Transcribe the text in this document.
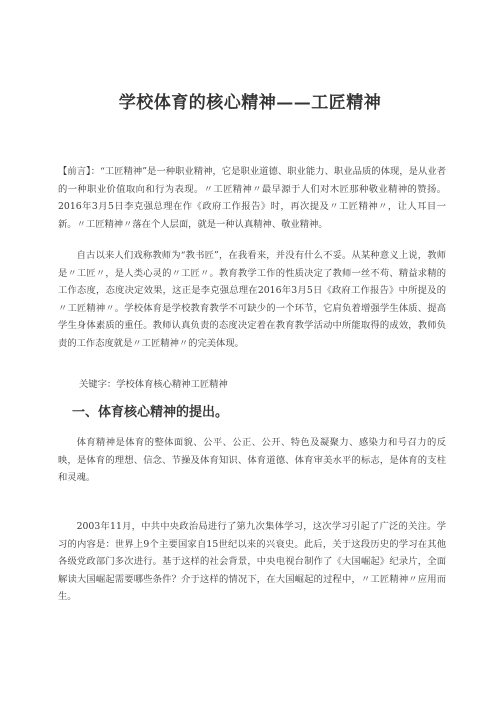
学校体育的核心精神——工匠精神

【前言】：“工匠精神”是一种职业精神，它是职业道德、职业能力、职业品质的体现，是从业者的一种职业价值取向和行为表现。〃工匠精神〃最早源于人们对木匠那种敬业精神的赞扬。2016年3月5日李克强总理在作《政府工作报告》时，再次提及〃工匠精神〃，让人耳目一新。〃工匠精神〃落在个人层面，就是一种认真精神、敬业精神。

自古以来人们戏称教师为“教书匠”，在我看来，并没有什么不妥。从某种意义上说，教师是〃工匠〃，是人类心灵的〃工匠〃。教育教学工作的性质决定了教师一丝不苟、精益求精的工作态度，态度决定效果，这正是李克强总理在2016年3月5日《政府工作报告》中所提及的〃工匠精神〃。学校体育是学校教育教学不可缺少的一个环节，它肩负着增强学生体质、提高学生身体素质的重任。教师认真负责的态度决定着在教育教学活动中所能取得的成效，教师负责的工作态度就是〃工匠精神〃的完美体现。

关键字：学校体育核心精神工匠精神

一、体育核心精神的提出。

体育精神是体育的整体面貌、公平、公正、公开、特色及凝聚力、感染力和号召力的反映，是体育的理想、信念、节操及体育知识、体育道德、体育审美水平的标志，是体育的支柱和灵魂。

2003年11月，中共中央政治局进行了第九次集体学习，这次学习引起了广泛的关注。学习的内容是：世界上9个主要国家自15世纪以来的兴衰史。此后，关于这段历史的学习在其他各级党政部门多次进行。基于这样的社会背景，中央电视台制作了《大国崛起》纪录片，全面解读大国崛起需要哪些条件？介于这样的情况下，在大国崛起的过程中，〃工匠精神〃应用而生。
